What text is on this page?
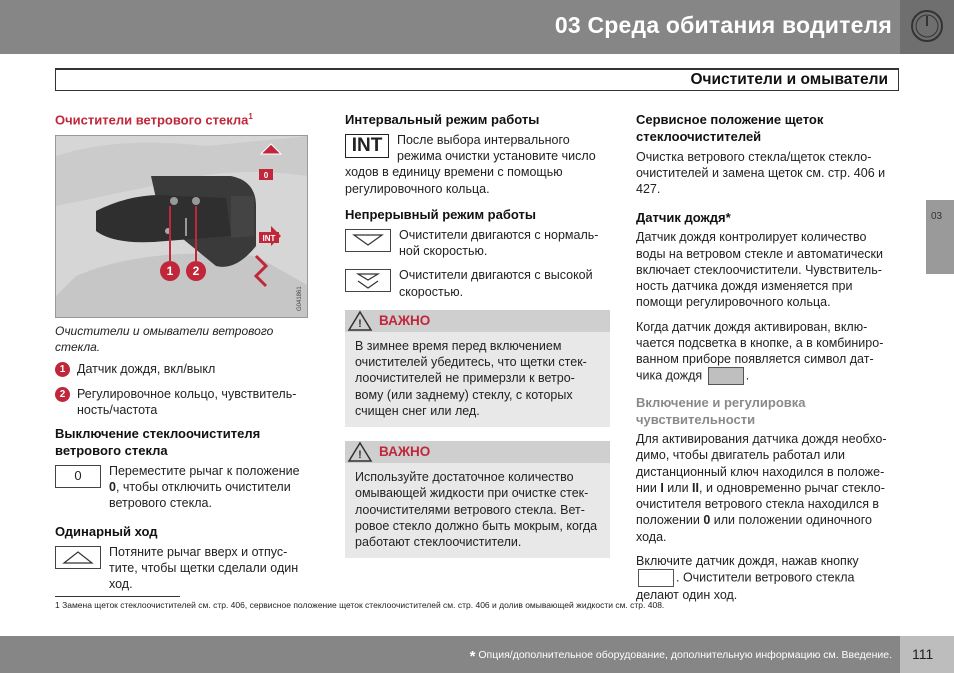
03 Среда обитания водителя
Очистители и омыватели
03
Очистители ветрового стекла$^1$
1 2
0
INT
G041861
Очистители и омыватели ветрового стекла.
1 Датчик дождя, вкл/выкл
2 Регулировочное кольцо, чувствитель-ность/частота
Выключение стеклоочистителя ветрового стекла
0	Переместите рычаг к положение 0, чтобы отключить очистители ветрового стекла.
Одинарный ход
Потяните рычаг вверх и отпус-тите, чтобы щетки сделали один ход.
Интервальный режим работы
INT	После выбора интервального режима очистки установите число ходов в единицу времени с помощью регулировочного кольца.
Непрерывный режим работы
Очистители двигаются с нормаль-ной скоростью.
Очистители двигаются с высокой скоростью.
! ВАЖНО
В зимнее время перед включением очистителей убедитесь, что щетки стек-лоочистителей не примерзли к ветро-вому (или заднему) стеклу, с которых счищен снег или лед.
! ВАЖНО
Используйте достаточное количество омывающей жидкости при очистке стек-лоочистителями ветрового стекла. Вет-ровое стекло должно быть мокрым, когда работают стеклоочистители.
Сервисное положение щеток стеклоочистителей

Очистка ветрового стекла/щеток стекло-очистителей и замена щеток см. стр. 406 и 427.

Датчик дождя*

Датчик дождя контролирует количество воды на ветровом стекле и автоматически включает стеклоочистители. Чувствитель-ность датчика дождя изменяется при помощи регулировочного кольца.

Когда датчик дождя активирован, вклю-чается подсветка в кнопке, а в комбиниро-ванном приборе появляется символ дат-чика дождя	.

Включение и регулировка чувствительности

Для активирования датчика дождя необхо-димо, чтобы двигатель работал или дистанционный ключ находился в положе-нии I или II, и одновременно рычаг стекло-очистителя ветрового стекла находился в положении 0 или положении одиночного хода.

Включите датчик дождя, нажав кнопку
. Очистители ветрового стекла делают один ход.

1 Замена щеток стеклоочистителей см. стр. 406, сервисное положение щеток стеклоочистителей см. стр. 406 и долив омывающей жидкости см. стр. 408.
* Опция/дополнительное оборудование, дополнительную информацию см. Введение. 111
